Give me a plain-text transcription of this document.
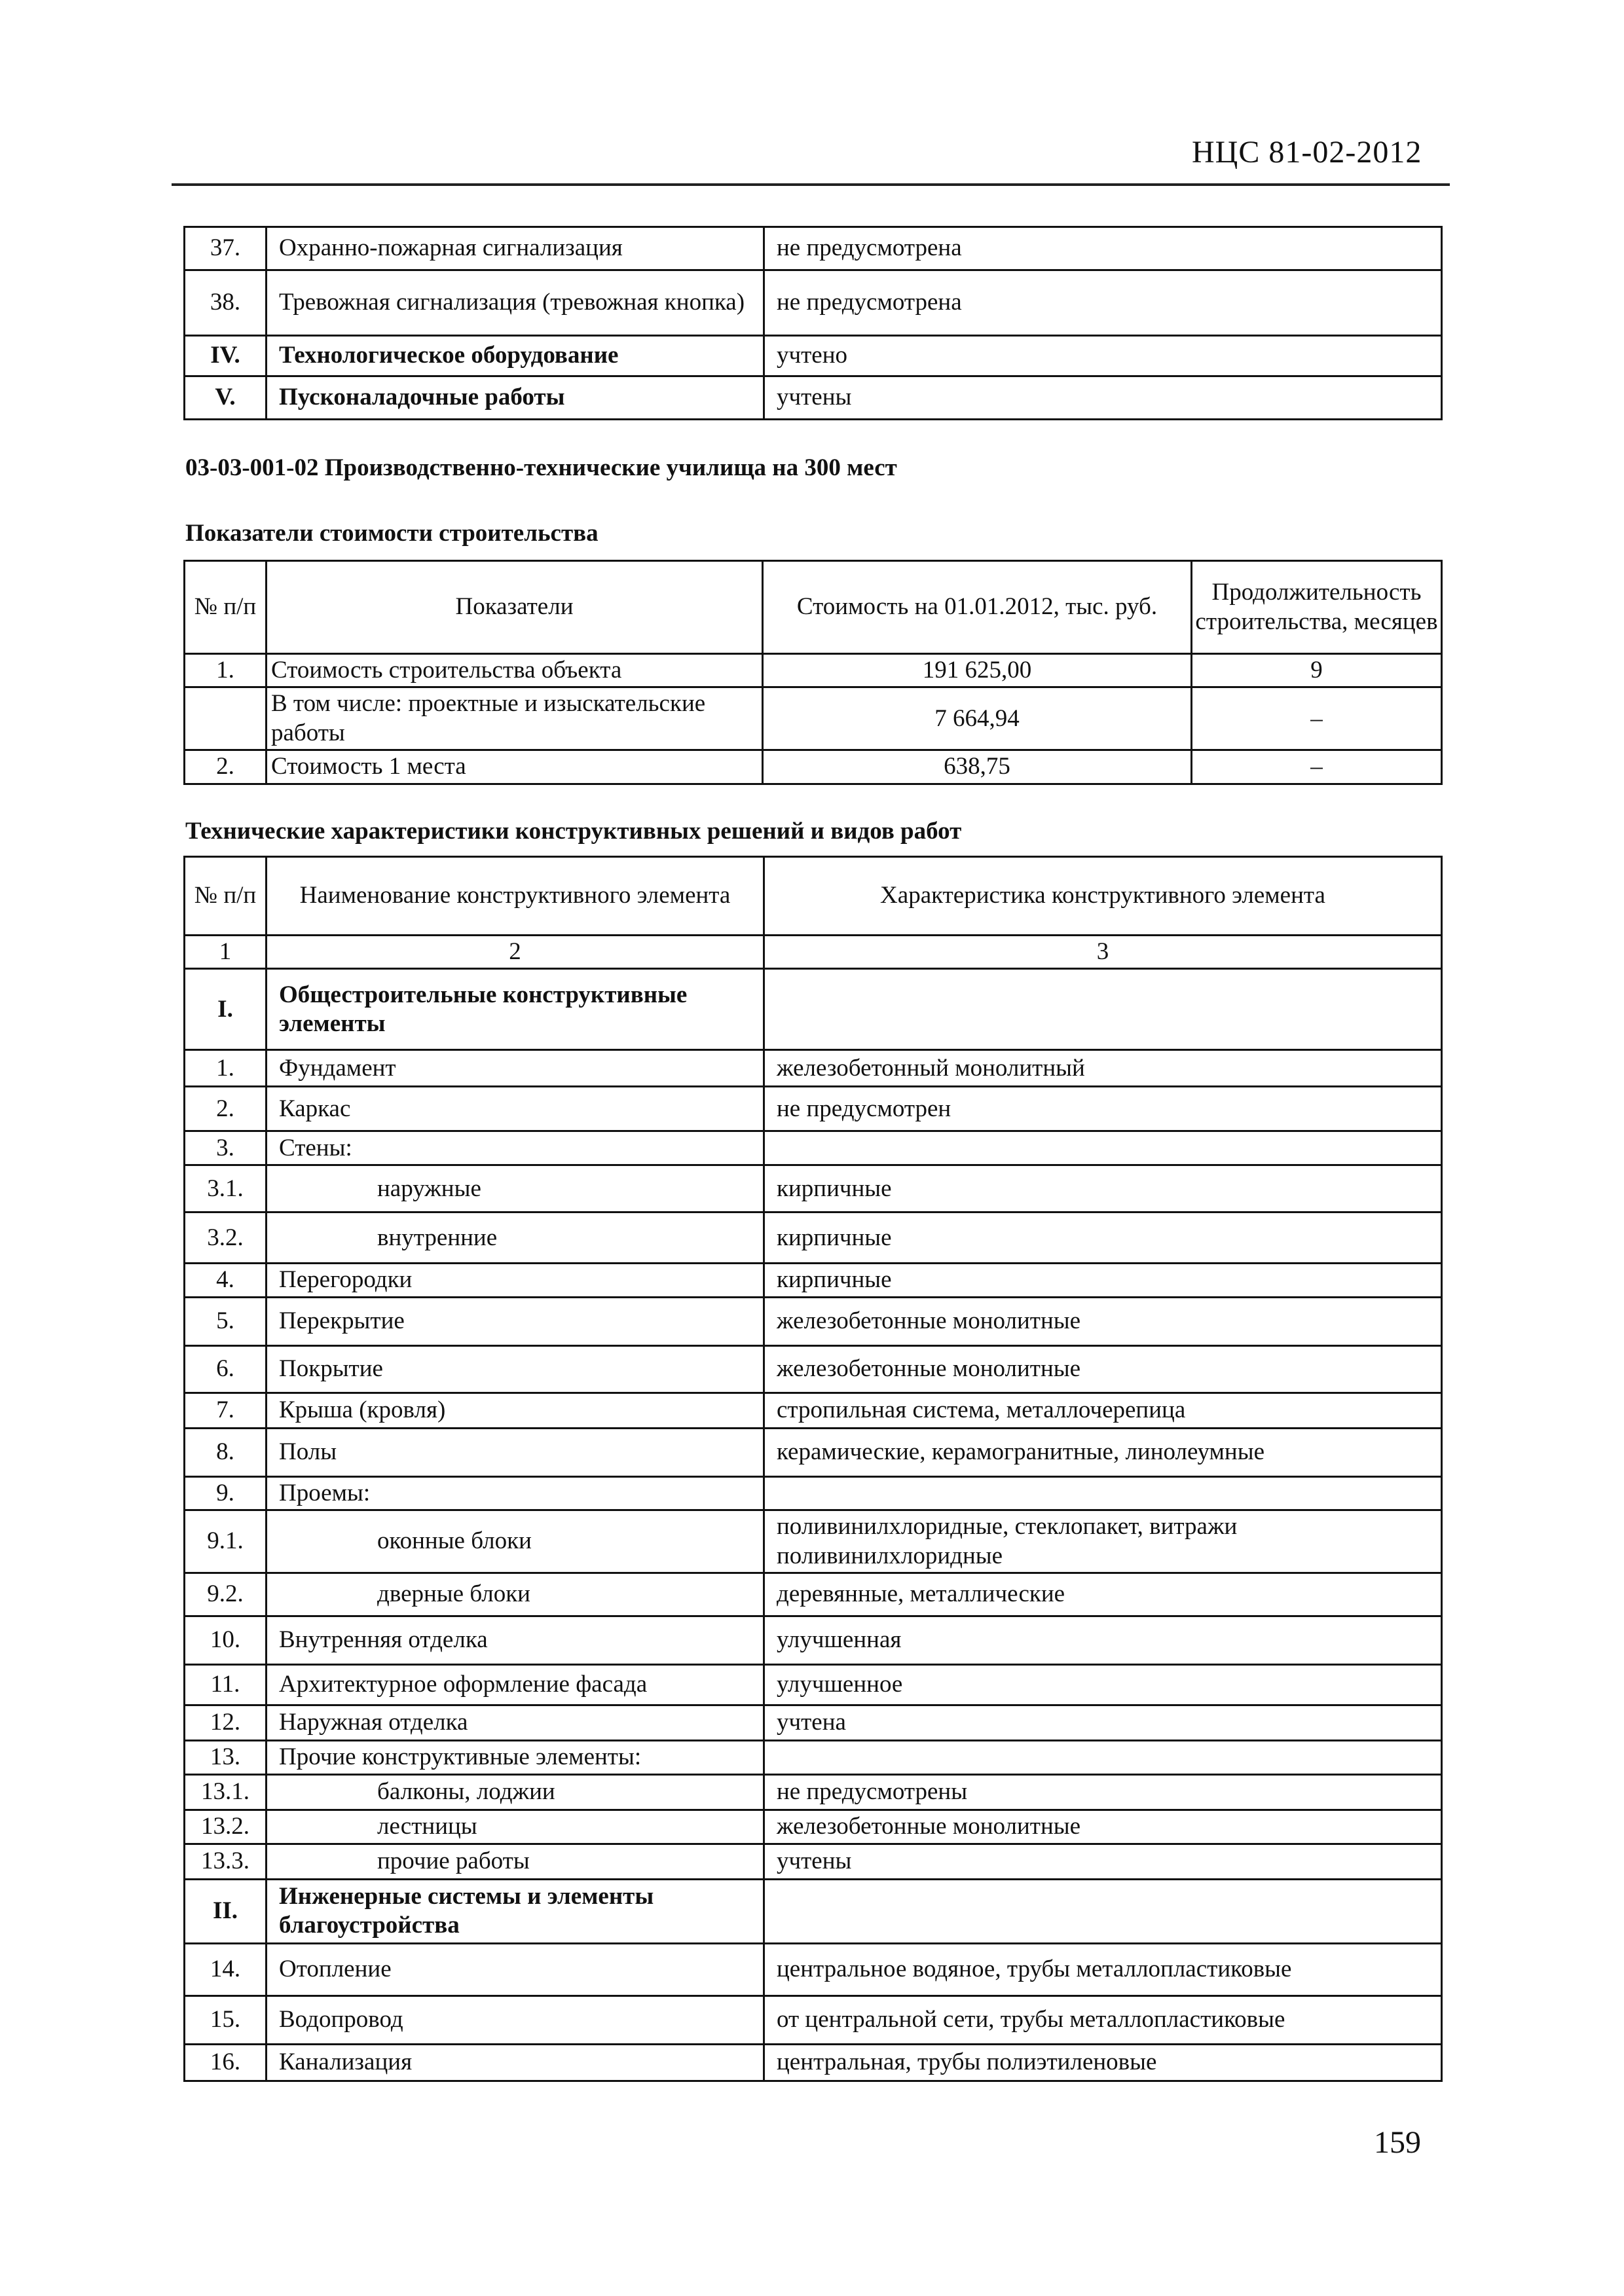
НЦС 81-02-2012
37.	Охранно-пожарная сигнализация	не предусмотрена
38.	Тревожная сигнализация (тревожная кнопка)	не предусмотрена
IV.	Технологическое оборудование	учтено
V.	Пусконаладочные работы	учтены
03-03-001-02 Производственно-технические училища на 300 мест
Показатели стоимости строительства
№ п/п	Показатели	Стоимость на 01.01.2012, тыс. руб.	Продолжительность строительства, месяцев
1.	Стоимость строительства объекта	191 625,00	9
	В том числе: проектные и изыскательские работы	7 664,94	–
2.	Стоимость 1 места	638,75	–
Технические характеристики конструктивных решений и видов работ
№ п/п	Наименование конструктивного элемента	Характеристика конструктивного элемента
1	2	3
I.	Общестроительные конструктивные элементы	
1.	Фундамент	железобетонный монолитный
2.	Каркас	не предусмотрен
3.	Стены:	
3.1.	наружные	кирпичные
3.2.	внутренние	кирпичные
4.	Перегородки	кирпичные
5.	Перекрытие	железобетонные монолитные
6.	Покрытие	железобетонные монолитные
7.	Крыша (кровля)	стропильная система, металлочерепица
8.	Полы	керамические, керамогранитные, линолеумные
9.	Проемы:	
9.1.	оконные блоки	поливинилхлоридные, стеклопакет, витражи поливинилхлоридные
9.2.	дверные блоки	деревянные, металлические
10.	Внутренняя отделка	улучшенная
11.	Архитектурное оформление фасада	улучшенное
12.	Наружная отделка	учтена
13.	Прочие конструктивные элементы:	
13.1.	балконы, лоджии	не предусмотрены
13.2.	лестницы	железобетонные монолитные
13.3.	прочие работы	учтены
II.	Инженерные системы и элементы благоустройства	
14.	Отопление	центральное водяное, трубы металлопластиковые
15.	Водопровод	от центральной сети, трубы металлопластиковые
16.	Канализация	центральная, трубы полиэтиленовые
159
